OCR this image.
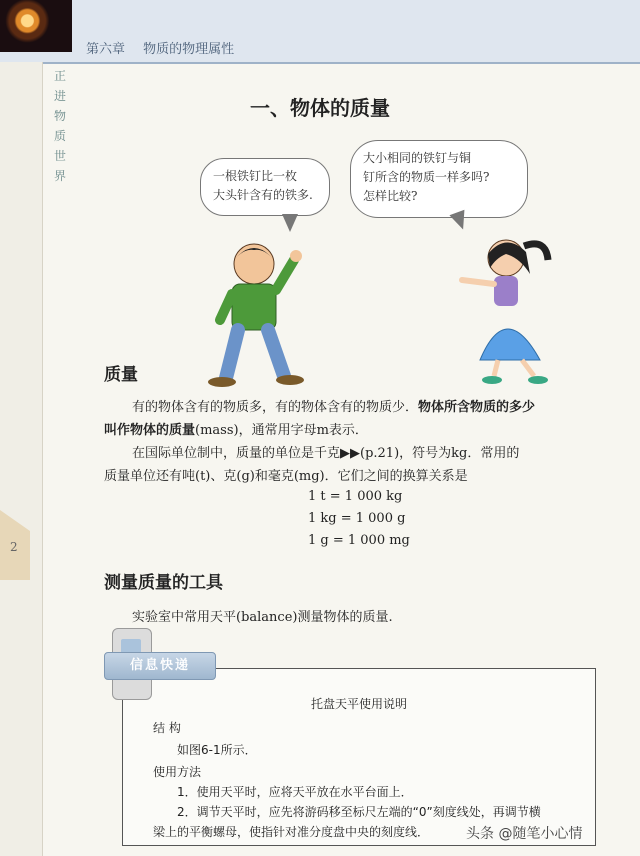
第六章 物质的物理属性
正
进
物
质
世
界
2
一、物体的质量
一根铁钉比一枚
大头针含有的铁多.
大小相同的铁钉与铜
钉所含的物质一样多吗?
怎样比较?
质量
有的物体含有的物质多，有的物体含有的物质少．物体所含物质的多少
叫作物体的质量(mass)，通常用字母m表示．
在国际单位制中，质量的单位是千克▶▶(p.21)，符号为kg．常用的
质量单位还有吨(t)、克(g)和毫克(mg)．它们之间的换算关系是
1 t = 1 000 kg
1 kg = 1 000 g
1 g = 1 000 mg
测量质量的工具
实验室中常用天平(balance)测量物体的质量.
托盘天平使用说明
结 构
如图6-1所示．
使用方法
1．使用天平时，应将天平放在水平台面上．
2．调节天平时，应先将游码移至标尺左端的“0”刻度线处，再调节横
梁上的平衡螺母，使指针对准分度盘中央的刻度线．
信息快递
头条 @随笔小心情
